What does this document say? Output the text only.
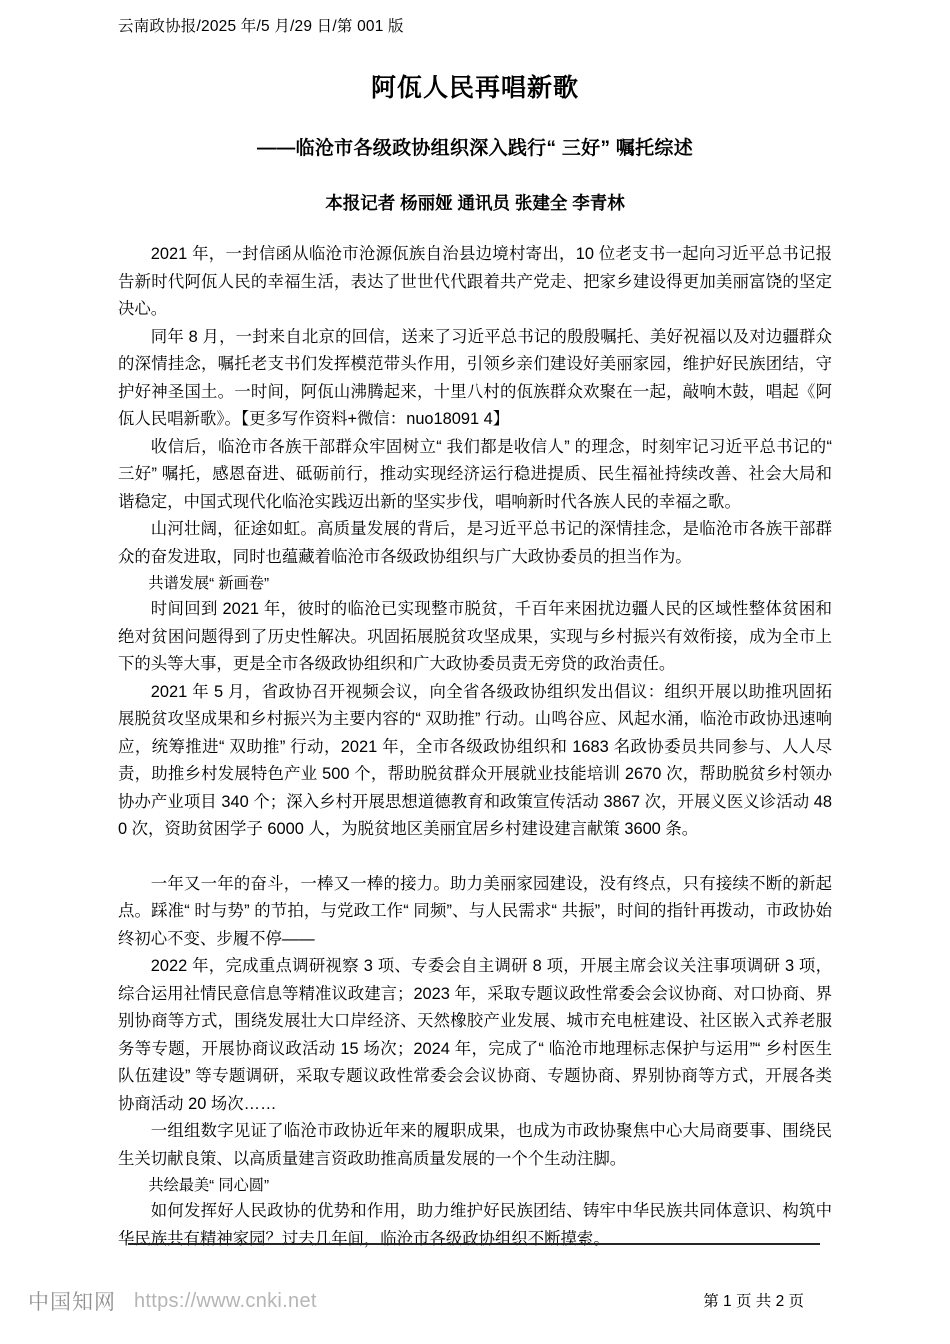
云南政协报/2025 年/5 月/29 日/第 001 版
阿佤人民再唱新歌
——临沧市各级政协组织深入践行“ 三好” 嘱托综述
本报记者 杨丽娅 通讯员 张建全 李青林

2021 年，一封信函从临沧市沧源佤族自治县边境村寄出，10 位老支书一起向习近平总书记报告新时代阿佤人民的幸福生活，表达了世世代代跟着共产党走、把家乡建设得更加美丽富饶的坚定决心。

同年 8 月，一封来自北京的回信，送来了习近平总书记的殷殷嘱托、美好祝福以及对边疆群众的深情挂念，嘱托老支书们发挥模范带头作用，引领乡亲们建设好美丽家园，维护好民族团结，守护好神圣国土。一时间，阿佤山沸腾起来，十里八村的佤族群众欢聚在一起，敲响木鼓，唱起《阿佤人民唱新歌》。【更多写作资料+微信：nuo18091 4】

收信后，临沧市各族干部群众牢固树立“ 我们都是收信人” 的理念，时刻牢记习近平总书记的“ 三好” 嘱托，感恩奋进、砥砺前行，推动实现经济运行稳进提质、民生福祉持续改善、社会大局和谐稳定，中国式现代化临沧实践迈出新的坚实步伐，唱响新时代各族人民的幸福之歌。

山河壮阔，征途如虹。高质量发展的背后，是习近平总书记的深情挂念，是临沧市各族干部群众的奋发进取，同时也蕴藏着临沧市各级政协组织与广大政协委员的担当作为。

共谱发展“ 新画卷”

时间回到 2021 年，彼时的临沧已实现整市脱贫，千百年来困扰边疆人民的区域性整体贫困和绝对贫困问题得到了历史性解决。巩固拓展脱贫攻坚成果，实现与乡村振兴有效衔接，成为全市上下的头等大事，更是全市各级政协组织和广大政协委员责无旁贷的政治责任。

2021 年 5 月，省政协召开视频会议，向全省各级政协组织发出倡议：组织开展以助推巩固拓展脱贫攻坚成果和乡村振兴为主要内容的“ 双助推” 行动。山鸣谷应、风起水涌，临沧市政协迅速响应，统筹推进“ 双助推” 行动，2021 年，全市各级政协组织和 1683 名政协委员共同参与、人人尽责，助推乡村发展特色产业 500 个，帮助脱贫群众开展就业技能培训 2670 次，帮助脱贫乡村领办协办产业项目 340 个；深入乡村开展思想道德教育和政策宣传活动 3867 次，开展义医义诊活动 480 次，资助贫困学子 6000 人，为脱贫地区美丽宜居乡村建设建言献策 3600 条。

一年又一年的奋斗，一棒又一棒的接力。助力美丽家园建设，没有终点，只有接续不断的新起点。踩准“ 时与势” 的节拍，与党政工作“ 同频”、与人民需求“ 共振”，时间的指针再拨动，市政协始终初心不变、步履不停——

2022 年，完成重点调研视察 3 项、专委会自主调研 8 项，开展主席会议关注事项调研 3 项，综合运用社情民意信息等精准议政建言；2023 年，采取专题议政性常委会会议协商、对口协商、界别协商等方式，围绕发展壮大口岸经济、天然橡胶产业发展、城市充电桩建设、社区嵌入式养老服务等专题，开展协商议政活动 15 场次；2024 年，完成了“ 临沧市地理标志保护与运用”“ 乡村医生队伍建设” 等专题调研，采取专题议政性常委会会议协商、专题协商、界别协商等方式，开展各类协商活动 20 场次……

一组组数字见证了临沧市政协近年来的履职成果，也成为市政协聚焦中心大局商要事、围绕民生关切献良策、以高质量建言资政助推高质量发展的一个个生动注脚。

共绘最美“ 同心圆”

如何发挥好人民政协的优势和作用，助力维护好民族团结、铸牢中华民族共同体意识、构筑中华民族共有精神家园？过去几年间，临沧市各级政协组织不断摸索。

第 1 页 共 2 页
中国知网 https://www.cnki.net
